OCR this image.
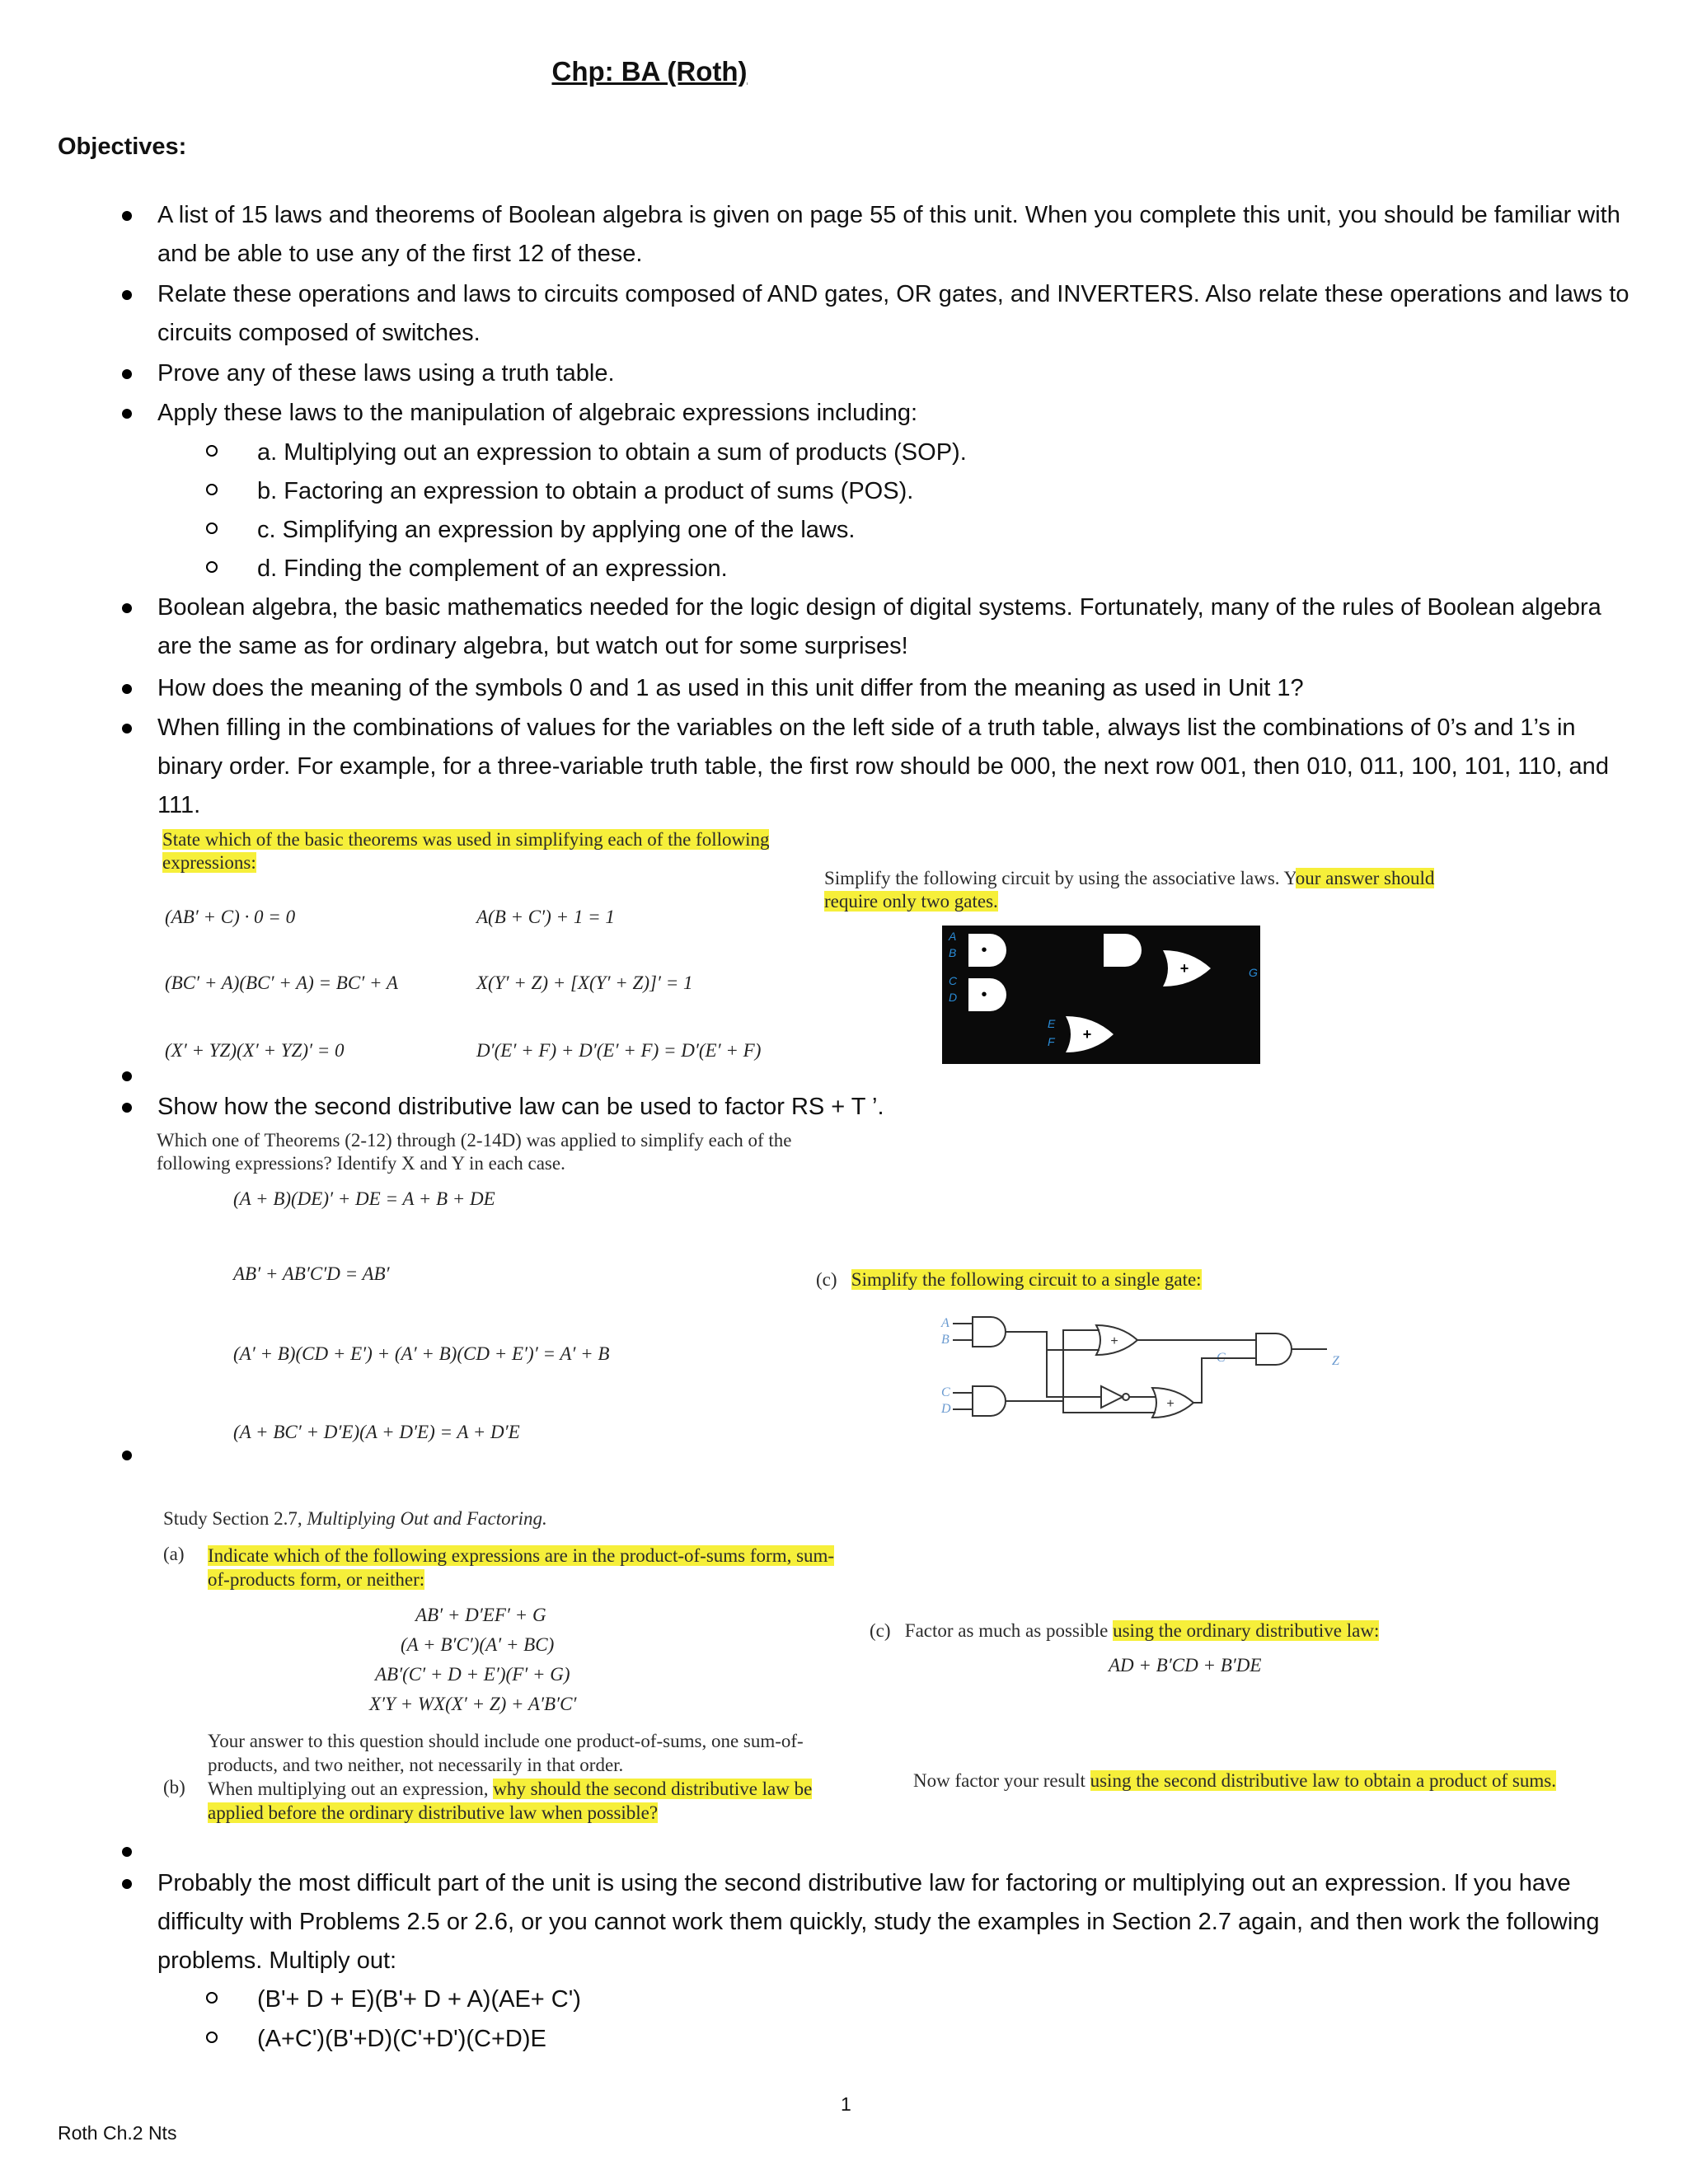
Chp: BA (Roth)
Objectives:
A list of 15 laws and theorems of Boolean algebra is given on page 55 of this unit. When you complete this unit, you should be familiar with and be able to use any of the first 12 of these.
Relate these operations and laws to circuits composed of AND gates, OR gates, and INVERTERS. Also relate these operations and laws to circuits composed of switches.
Prove any of these laws using a truth table.
Apply these laws to the manipulation of algebraic expressions including:
a. Multiplying out an expression to obtain a sum of products (SOP).
b. Factoring an expression to obtain a product of sums (POS).
c. Simplifying an expression by applying one of the laws.
d. Finding the complement of an expression.
Boolean algebra, the basic mathematics needed for the logic design of digital systems. Fortunately, many of the rules of Boolean algebra are the same as for ordinary algebra, but watch out for some surprises!
How does the meaning of the symbols 0 and 1 as used in this unit differ from the meaning as used in Unit 1?
When filling in the combinations of values for the variables on the left side of a truth table, always list the combinations of 0’s and 1’s in binary order. For example, for a three-variable truth table, the first row should be 000, the next row 001, then 010, 011, 100, 101, 110, and 111.
State which of the basic theorems was used in simplifying each of the following expressions:
(AB′ + C) · 0 = 0	A(B + C′) + 1 = 1
(BC′ + A)(BC′ + A) = BC′ + A	X(Y′ + Z) + [X(Y′ + Z)]′ = 1
(X′ + YZ)(X′ + YZ)′ = 0	D′(E′ + F) + D′(E′ + F) = D′(E′ + F)
Simplify the following circuit by using the associative laws. Your answer should require only two gates.
A
B
C
D
E
F
G
•
•
+
+
Show how the second distributive law can be used to factor RS + T ’.
Which one of Theorems (2-12) through (2-14D) was applied to simplify each of the following expressions? Identify X and Y in each case.
(A + B)(DE)′ + DE = A + B + DE
AB′ + AB′C′D = AB′
(A′ + B)(CD + E′) + (A′ + B)(CD + E′)′ = A′ + B
(A + BC′ + D′E)(A + D′E) = A + D′E
(c) Simplify the following circuit to a single gate:
A
B
C
D
C	Z
+
+
Study Section 2.7, Multiplying Out and Factoring.
(a) Indicate which of the following expressions are in the product-of-sums form, sum-of-products form, or neither:
AB′ + D′EF′ + G
(A + B′C′)(A′ + BC)
AB′(C′ + D + E′)(F′ + G)
X′Y + WX(X′ + Z) + A′B′C′
Your answer to this question should include one product-of-sums, one sum-of-products, and two neither, not necessarily in that order.
(b) When multiplying out an expression, why should the second distributive law be applied before the ordinary distributive law when possible?
(c) Factor as much as possible using the ordinary distributive law:
AD + B′CD + B′DE
Now factor your result using the second distributive law to obtain a product of sums.
Probably the most difficult part of the unit is using the second distributive law for factoring or multiplying out an expression. If you have difficulty with Problems 2.5 or 2.6, or you cannot work them quickly, study the examples in Section 2.7 again, and then work the following problems. Multiply out:
(B'+ D + E)(B'+ D + A)(AE+ C')
(A+C')(B'+D)(C'+D')(C+D)E
1
Roth Ch.2 Nts
